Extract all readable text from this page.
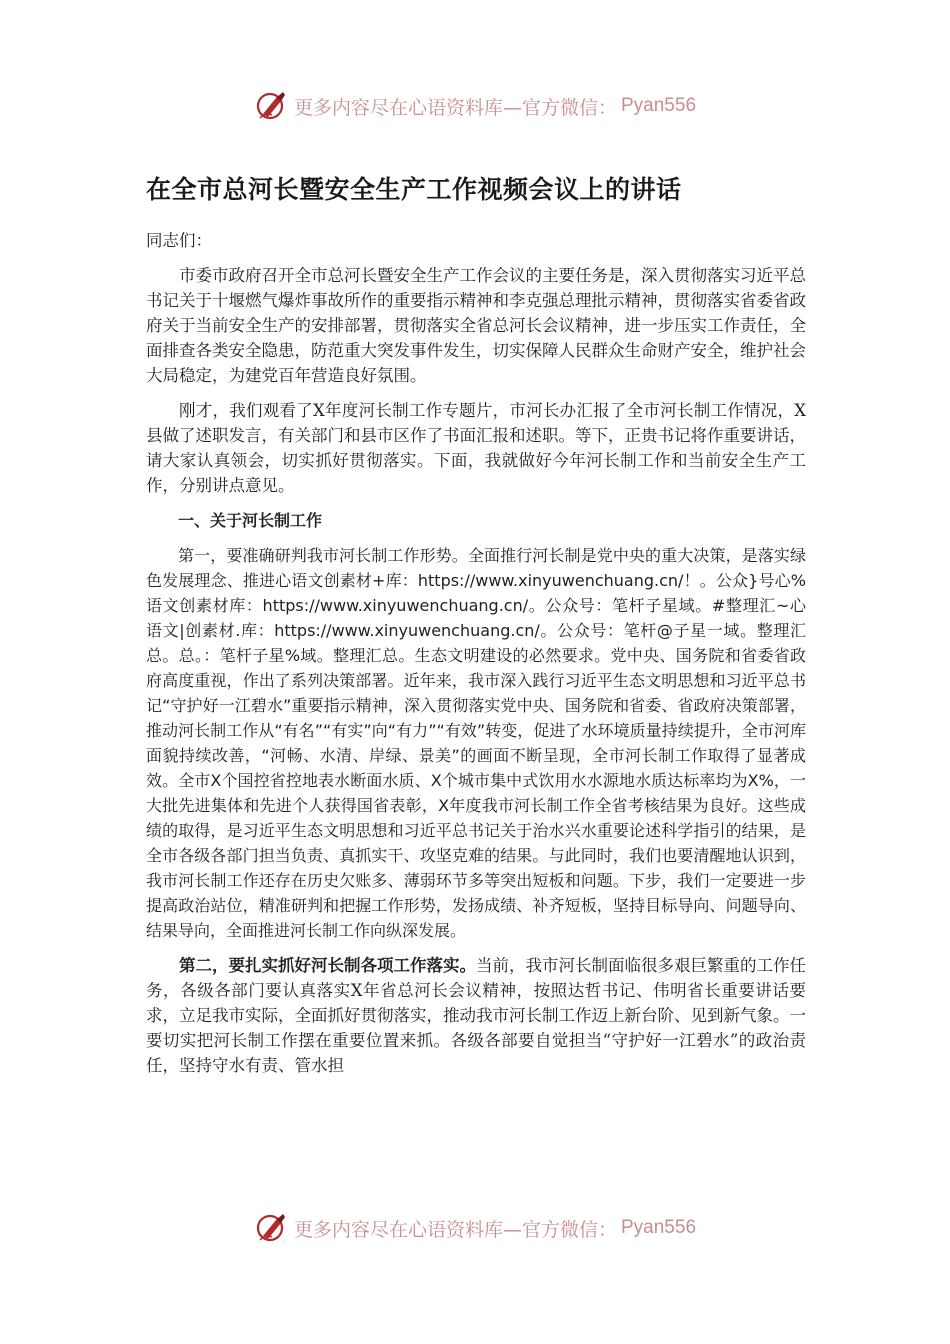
更多内容尽在心语资料库—官方微信： Pyan556
在全市总河长暨安全生产工作视频会议上的讲话

同志们：

市委市政府召开全市总河长暨安全生产工作会议的主要任务是，深入贯彻落实习近平总书记关于十堰燃气爆炸事故所作的重要指示精神和李克强总理批示精神，贯彻落实省委省政府关于当前安全生产的安排部署，贯彻落实全省总河长会议精神，进一步压实工作责任，全面排查各类安全隐患，防范重大突发事件发生，切实保障人民群众生命财产安全，维护社会大局稳定，为建党百年营造良好氛围。

刚才，我们观看了X年度河长制工作专题片，市河长办汇报了全市河长制工作情况，X县做了述职发言，有关部门和县市区作了书面汇报和述职。等下，正贵书记将作重要讲话，请大家认真领会，切实抓好贯彻落实。下面，我就做好今年河长制工作和当前安全生产工作，分别讲点意见。

一、关于河长制工作

第一，要准确研判我市河长制工作形势。全面推行河长制是党中央的重大决策，是落实绿色发展理念、推进心语文创素材+库：https://www.xinyuwenchuang.cn/！。公众}号心%语文创素材库：https://www.xinyuwenchuang.cn/。公众号：笔杆子星域。#整理汇~心语文|创素材.库：https://www.xinyuwenchuang.cn/。公众号：笔杆@子星一域。整理汇总。总。：笔杆子星%域。整理汇总。生态文明建设的必然要求。党中央、国务院和省委省政府高度重视，作出了系列决策部署。近年来，我市深入践行习近平生态文明思想和习近平总书记“守护好一江碧水”重要指示精神，深入贯彻落实党中央、国务院和省委、省政府决策部署，推动河长制工作从“有名”“有实”向“有力”“有效”转变，促进了水环境质量持续提升，全市河库面貌持续改善，“河畅、水清、岸绿、景美”的画面不断呈现，全市河长制工作取得了显著成效。全市X个国控省控地表水断面水质、X个城市集中式饮用水水源地水质达标率均为X%，一大批先进集体和先进个人获得国省表彰，X年度我市河长制工作全省考核结果为良好。这些成绩的取得，是习近平生态文明思想和习近平总书记关于治水兴水重要论述科学指引的结果，是全市各级各部门担当负责、真抓实干、攻坚克难的结果。与此同时，我们也要清醒地认识到，我市河长制工作还存在历史欠账多、薄弱环节多等突出短板和问题。下步，我们一定要进一步提高政治站位，精准研判和把握工作形势，发扬成绩、补齐短板，坚持目标导向、问题导向、结果导向，全面推进河长制工作向纵深发展。

第二，要扎实抓好河长制各项工作落实。当前，我市河长制面临很多艰巨繁重的工作任务，各级各部门要认真落实X年省总河长会议精神，按照达哲书记、伟明省长重要讲话要求，立足我市实际，全面抓好贯彻落实，推动我市河长制工作迈上新台阶、见到新气象。一要切实把河长制工作摆在重要位置来抓。各级各部要自觉担当“守护好一江碧水”的政治责任，坚持守水有责、管水担

更多内容尽在心语资料库—官方微信： Pyan556
